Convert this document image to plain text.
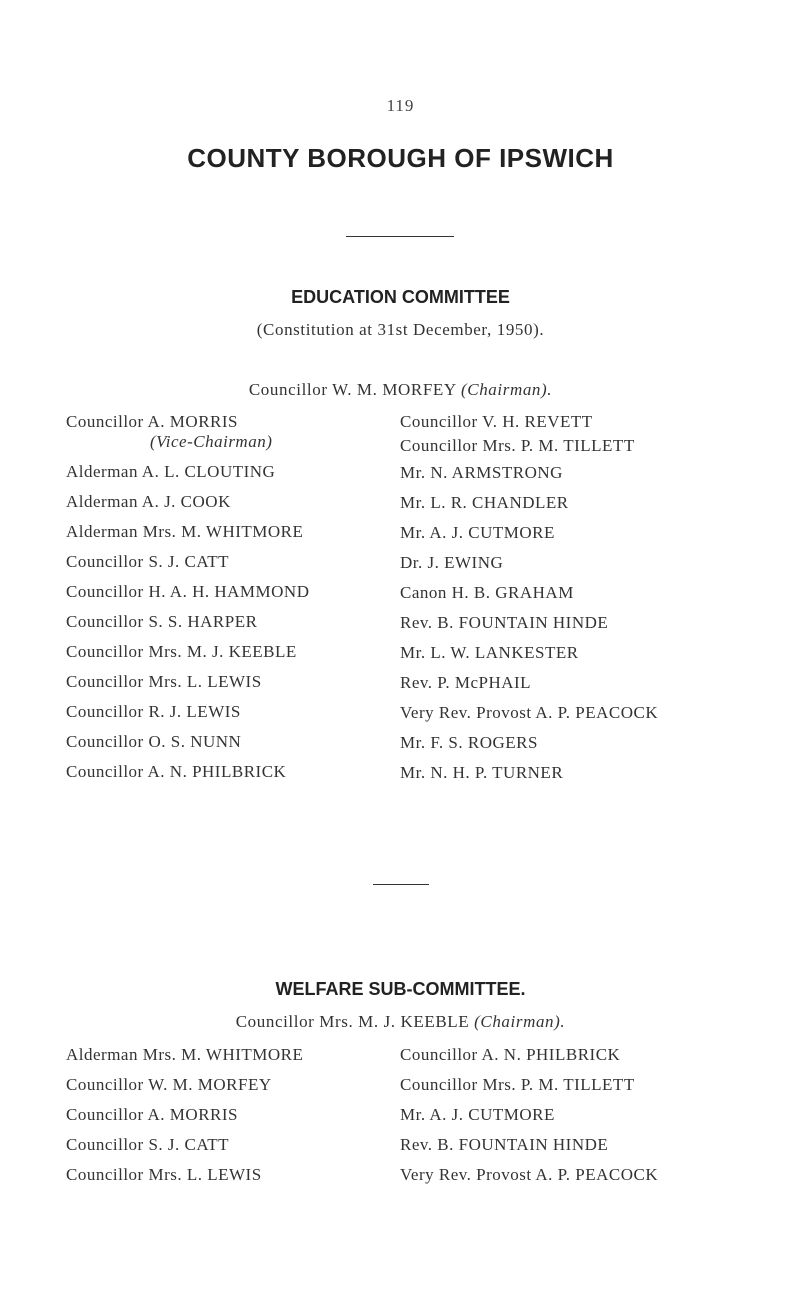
119
COUNTY BOROUGH OF IPSWICH
EDUCATION COMMITTEE
(Constitution at 31st December, 1950).
Councillor W. M. MORFEY (Chairman).
Councillor A. MORRIS
(Vice-Chairman)
Alderman A. L. CLOUTING
Alderman A. J. COOK
Alderman Mrs. M. WHITMORE
Councillor S. J. CATT
Councillor H. A. H. HAMMOND
Councillor S. S. HARPER
Councillor Mrs. M. J. KEEBLE
Councillor Mrs. L. LEWIS
Councillor R. J. LEWIS
Councillor O. S. NUNN
Councillor A. N. PHILBRICK
Councillor V. H. REVETT
Councillor Mrs. P. M. TILLETT
Mr. N. ARMSTRONG
Mr. L. R. CHANDLER
Mr. A. J. CUTMORE
Dr. J. EWING
Canon H. B. GRAHAM
Rev. B. FOUNTAIN HINDE
Mr. L. W. LANKESTER
Rev. P. McPHAIL
Very Rev. Provost A. P. PEACOCK
Mr. F. S. ROGERS
Mr. N. H. P. TURNER
WELFARE SUB-COMMITTEE.
Councillor Mrs. M. J. KEEBLE (Chairman).
Alderman Mrs. M. WHITMORE
Councillor W. M. MORFEY
Councillor A. MORRIS
Councillor S. J. CATT
Councillor Mrs. L. LEWIS
Councillor A. N. PHILBRICK
Councillor Mrs. P. M. TILLETT
Mr. A. J. CUTMORE
Rev. B. FOUNTAIN HINDE
Very Rev. Provost A. P. PEACOCK
